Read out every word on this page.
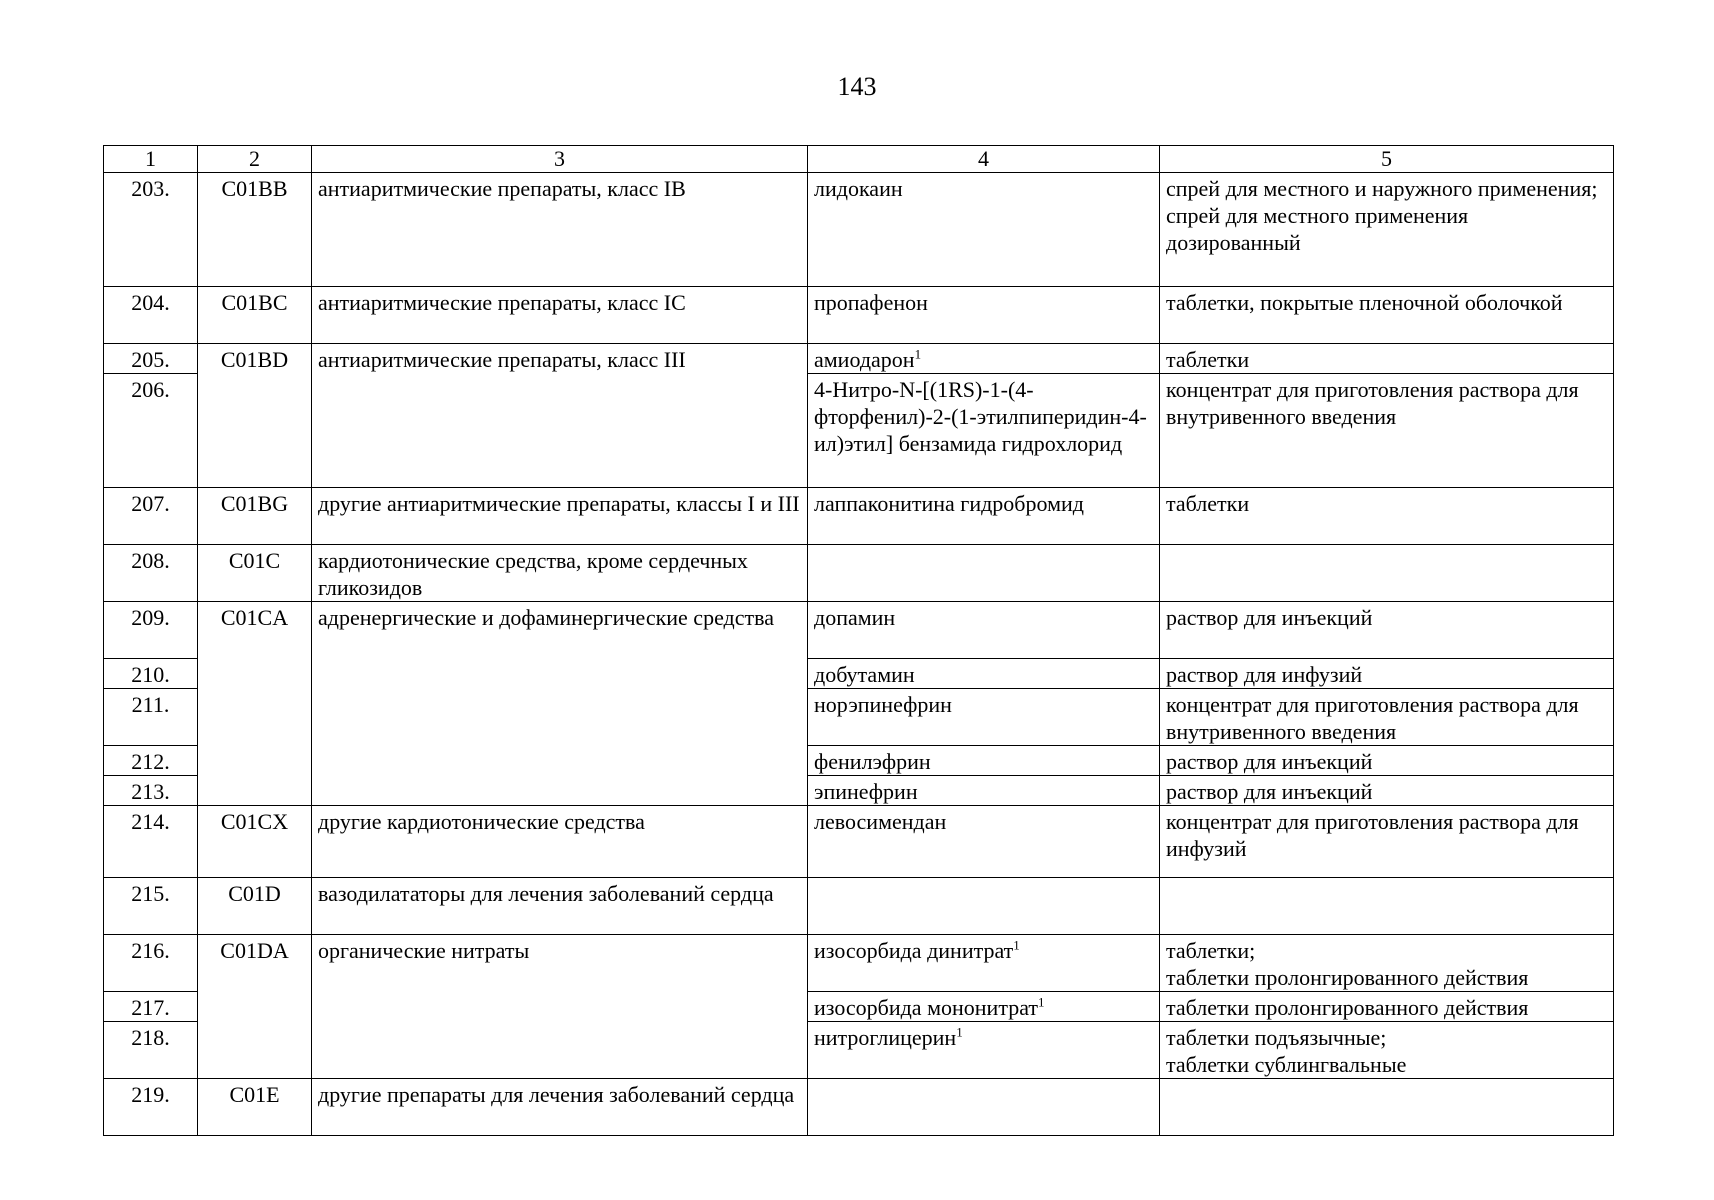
143
1	2	3	4	5
203.	C01BB	антиаритмические препараты, класс IB	лидокаин	спрей для местного и наружного применения;
спрей для местного применения дозированный
204.	C01BC	антиаритмические препараты, класс IC	пропафенон	таблетки, покрытые пленочной оболочкой
205.	C01BD	антиаритмические препараты, класс III	амиодарон$^1$	таблетки
206.			4-Нитро-N-[(1RS)-1-(4-фторфенил)-2-(1-этилпиперидин-4-ил)этил] бензамида гидрохлорид	концентрат для приготовления раствора для внутривенного введения
207.	C01BG	другие антиаритмические препараты, классы I и III	лаппаконитина гидробромид	таблетки
208.	C01C	кардиотонические средства, кроме сердечных гликозидов		
209.	C01CA	адренергические и дофаминергические средства	допамин	раствор для инъекций
210.			добутамин	раствор для инфузий
211.			норэпинефрин	концентрат для приготовления раствора для внутривенного введения
212.			фенилэфрин	раствор для инъекций
213.			эпинефрин	раствор для инъекций
214.	C01CX	другие кардиотонические средства	левосимендан	концентрат для приготовления раствора для инфузий
215.	C01D	вазодилататоры для лечения заболеваний сердца		
216.	C01DA	органические нитраты	изосорбида динитрат$^1$	таблетки;
таблетки пролонгированного действия
217.			изосорбида мононитрат$^1$	таблетки пролонгированного действия
218.			нитроглицерин$^1$	таблетки подъязычные;
таблетки сублингвальные
219.	C01E	другие препараты для лечения заболеваний сердца		
